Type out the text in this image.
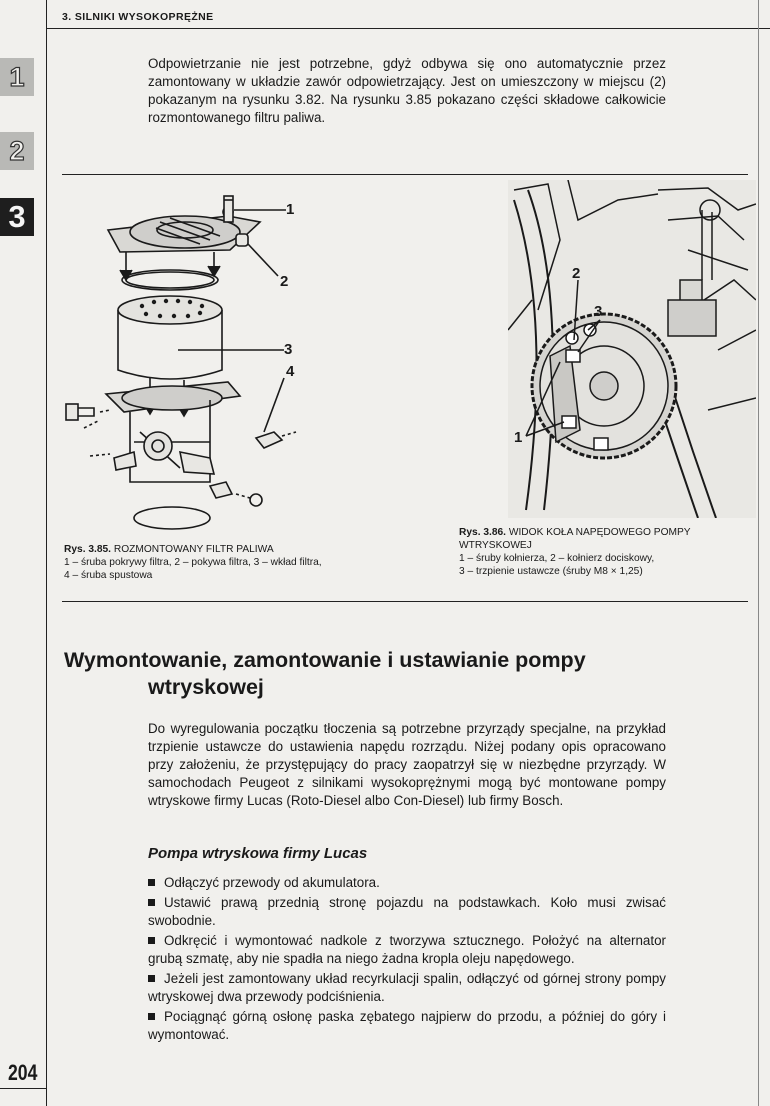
3. SILNIKI WYSOKOPRĘŻNE
1
2
3
Odpowietrzanie nie jest potrzebne, gdyż odbywa się ono automatycznie przez zamontowany w układzie zawór odpowietrzający. Jest on umieszczony w miejscu (2) pokazanym na rysunku 3.82. Na rysunku 3.85 pokazano części składowe całkowicie rozmontowanego filtru paliwa.
1
2
3
4
Rys. 3.85. ROZMONTOWANY FILTR PALIWA
1 – śruba pokrywy filtra, 2 – pokywa filtra, 3 – wkład filtra,
4 – śruba spustowa
2
3
1
Rys. 3.86. WIDOK KOŁA NAPĘDOWEGO POMPY
WTRYSKOWEJ
1 – śruby kołnierza, 2 – kołnierz dociskowy,
3 – trzpienie ustawcze (śruby M8 × 1,25)
Wymontowanie, zamontowanie i ustawianie pompy
wtryskowej
Do wyregulowania początku tłoczenia są potrzebne przyrządy specjalne, na przykład trzpienie ustawcze do ustawienia napędu rozrządu. Niżej podany opis opracowano przy założeniu, że przystępujący do pracy zaopatrzył się w niezbędne przyrządy. W samochodach Peugeot z silnikami wysokoprężnymi mogą być montowane pompy wtryskowe firmy Lucas (Roto-Diesel albo Con-Diesel) lub firmy Bosch.
Pompa wtryskowa firmy Lucas
Odłączyć przewody od akumulatora.
Ustawić prawą przednią stronę pojazdu na podstawkach. Koło musi zwisać swobodnie.
Odkręcić i wymontować nadkole z tworzywa sztucznego. Położyć na alternator grubą szmatę, aby nie spadła na niego żadna kropla oleju napędowego.
Jeżeli jest zamontowany układ recyrkulacji spalin, odłączyć od górnej strony pompy wtryskowej dwa przewody podciśnienia.
Pociągnąć górną osłonę paska zębatego najpierw do przodu, a później do góry i wymontować.
204
